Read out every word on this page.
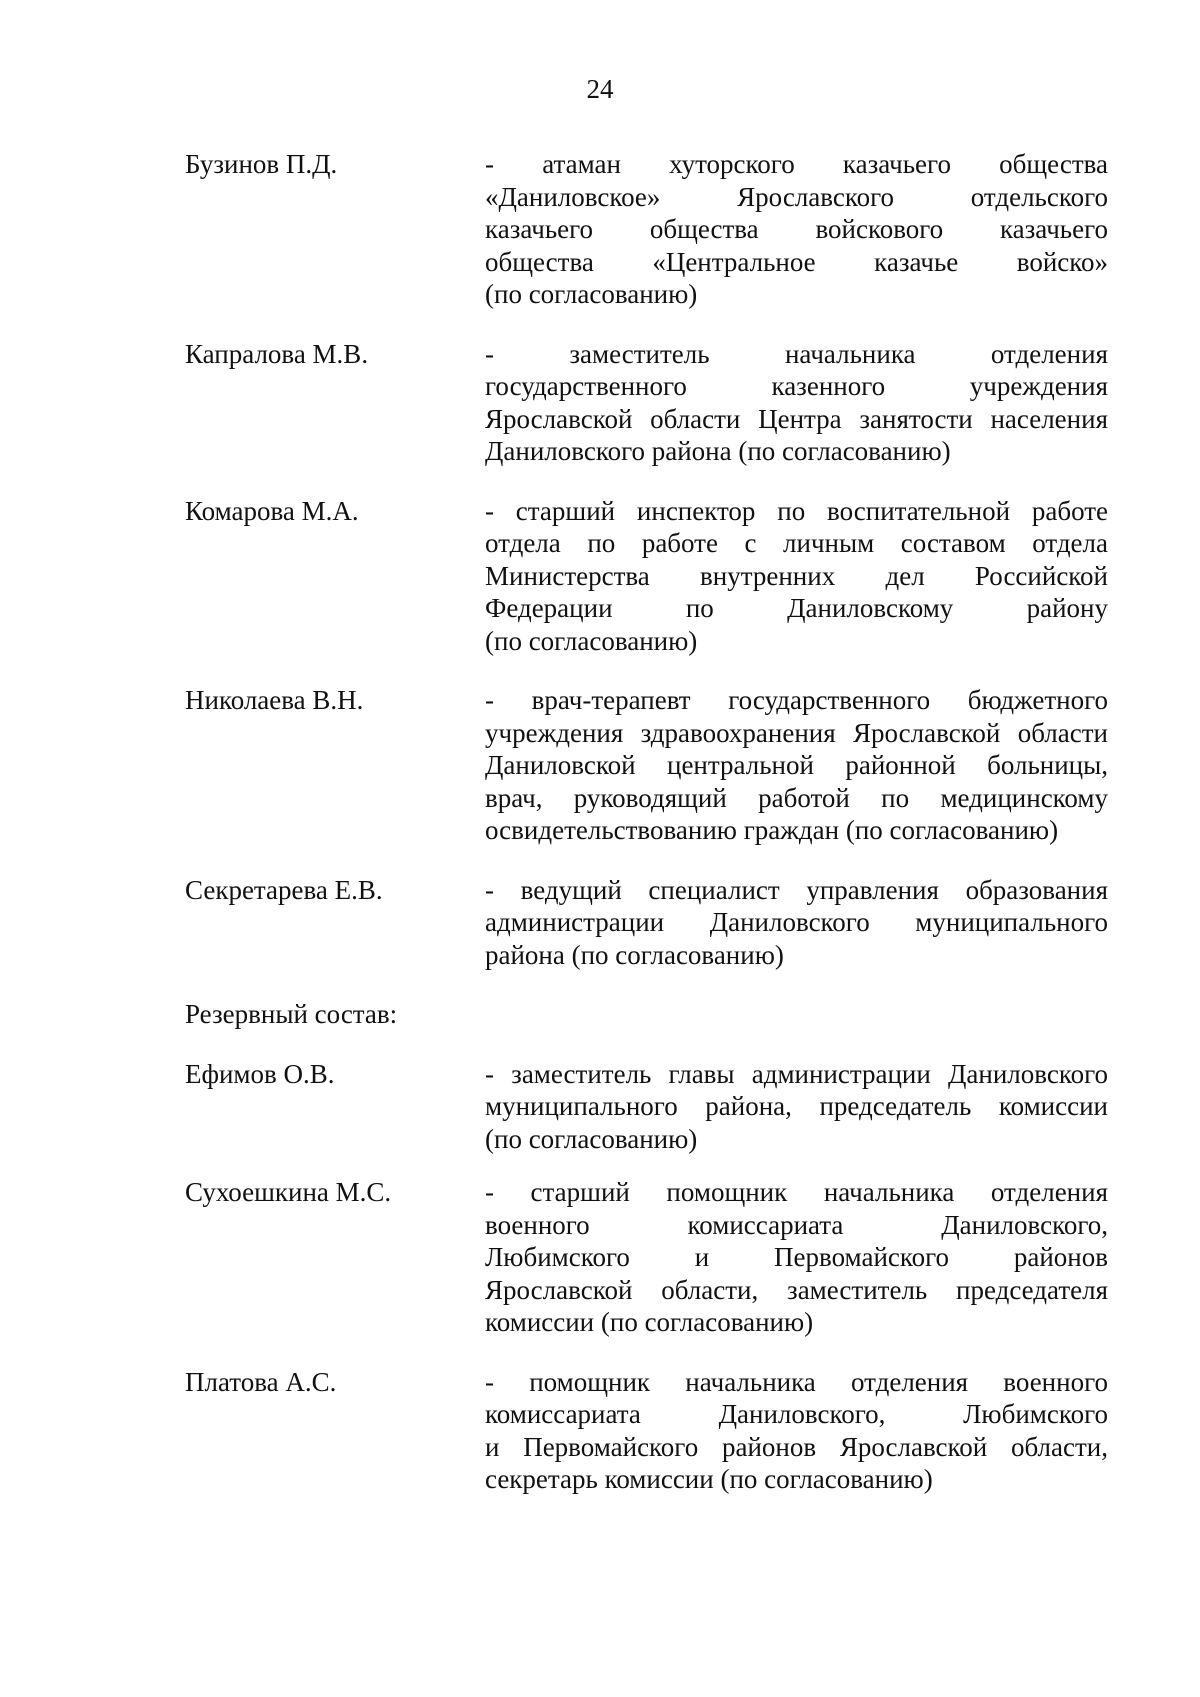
24
Бузинов П.Д.	- атаман хуторского казачьего общества
«Даниловское» Ярославского отдельского
казачьего общества войскового казачьего
общества «Центральное казачье войско»
(по согласованию)
Капралова М.В.	- заместитель начальника отделения
государственного казенного учреждения
Ярославской области Центра занятости населения
Даниловского района (по согласованию)
Комарова М.А.	- старший инспектор по воспитательной работе
отдела по работе с личным составом отдела
Министерства внутренних дел Российской
Федерации по Даниловскому району
(по согласованию)
Николаева В.Н.	- врач-терапевт государственного бюджетного
учреждения здравоохранения Ярославской области
Даниловской центральной районной больницы,
врач, руководящий работой по медицинскому
освидетельствованию граждан (по согласованию)
Секретарева Е.В.	- ведущий специалист управления образования
администрации Даниловского муниципального
района (по согласованию)
Резервный состав:
Ефимов О.В.	- заместитель главы администрации Даниловского
муниципального района, председатель комиссии
(по согласованию)
Сухоешкина М.С.	- старший помощник начальника отделения
военного комиссариата Даниловского,
Любимского и Первомайского районов
Ярославской области, заместитель председателя
комиссии (по согласованию)
Платова А.С.	- помощник начальника отделения военного
комиссариата Даниловского, Любимского
и Первомайского районов Ярославской области,
секретарь комиссии (по согласованию)
